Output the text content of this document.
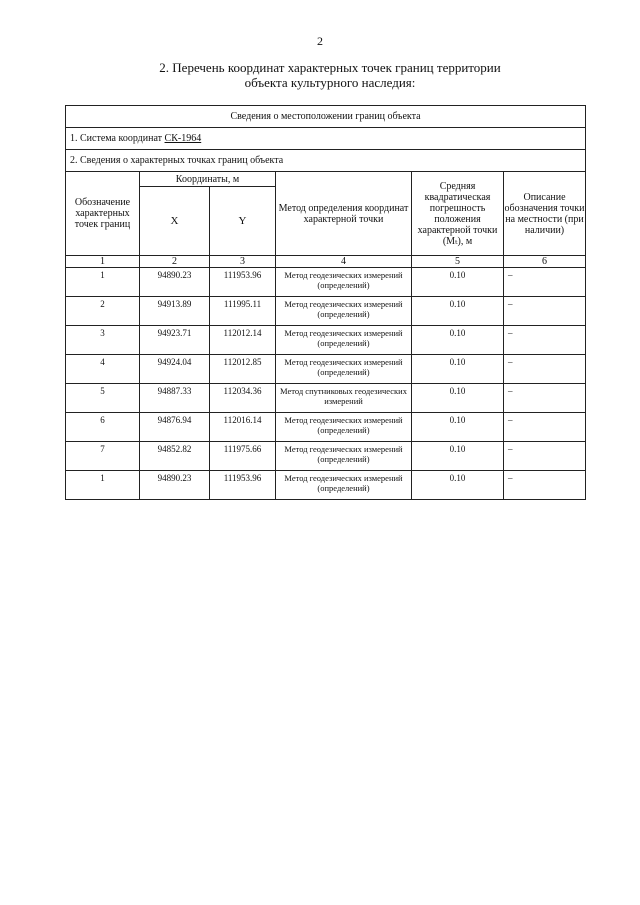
2
2. Перечень координат характерных точек границ территории
объекта культурного наследия:
Сведения о местоположении границ объекта					
1. Система координат СК-1964					
2. Сведения о характерных точках границ объекта					
Обозначение характерных точек границ	Координаты, м		Метод определения координат характерной точки	Средняя квадратическая погрешность положения характерной точки (Mₜ), м	Описание обозначения точки на местности (при наличии)
	X	Y			
1	2	3	4	5	6
1	94890.23	111953.96	Метод геодезических измерений (определений)	0.10	–
2	94913.89	111995.11	Метод геодезических измерений (определений)	0.10	–
3	94923.71	112012.14	Метод геодезических измерений (определений)	0.10	–
4	94924.04	112012.85	Метод геодезических измерений (определений)	0.10	–
5	94887.33	112034.36	Метод спутниковых геодезических измерений	0.10	–
6	94876.94	112016.14	Метод геодезических измерений (определений)	0.10	–
7	94852.82	111975.66	Метод геодезических измерений (определений)	0.10	–
1	94890.23	111953.96	Метод геодезических измерений (определений)	0.10	–
